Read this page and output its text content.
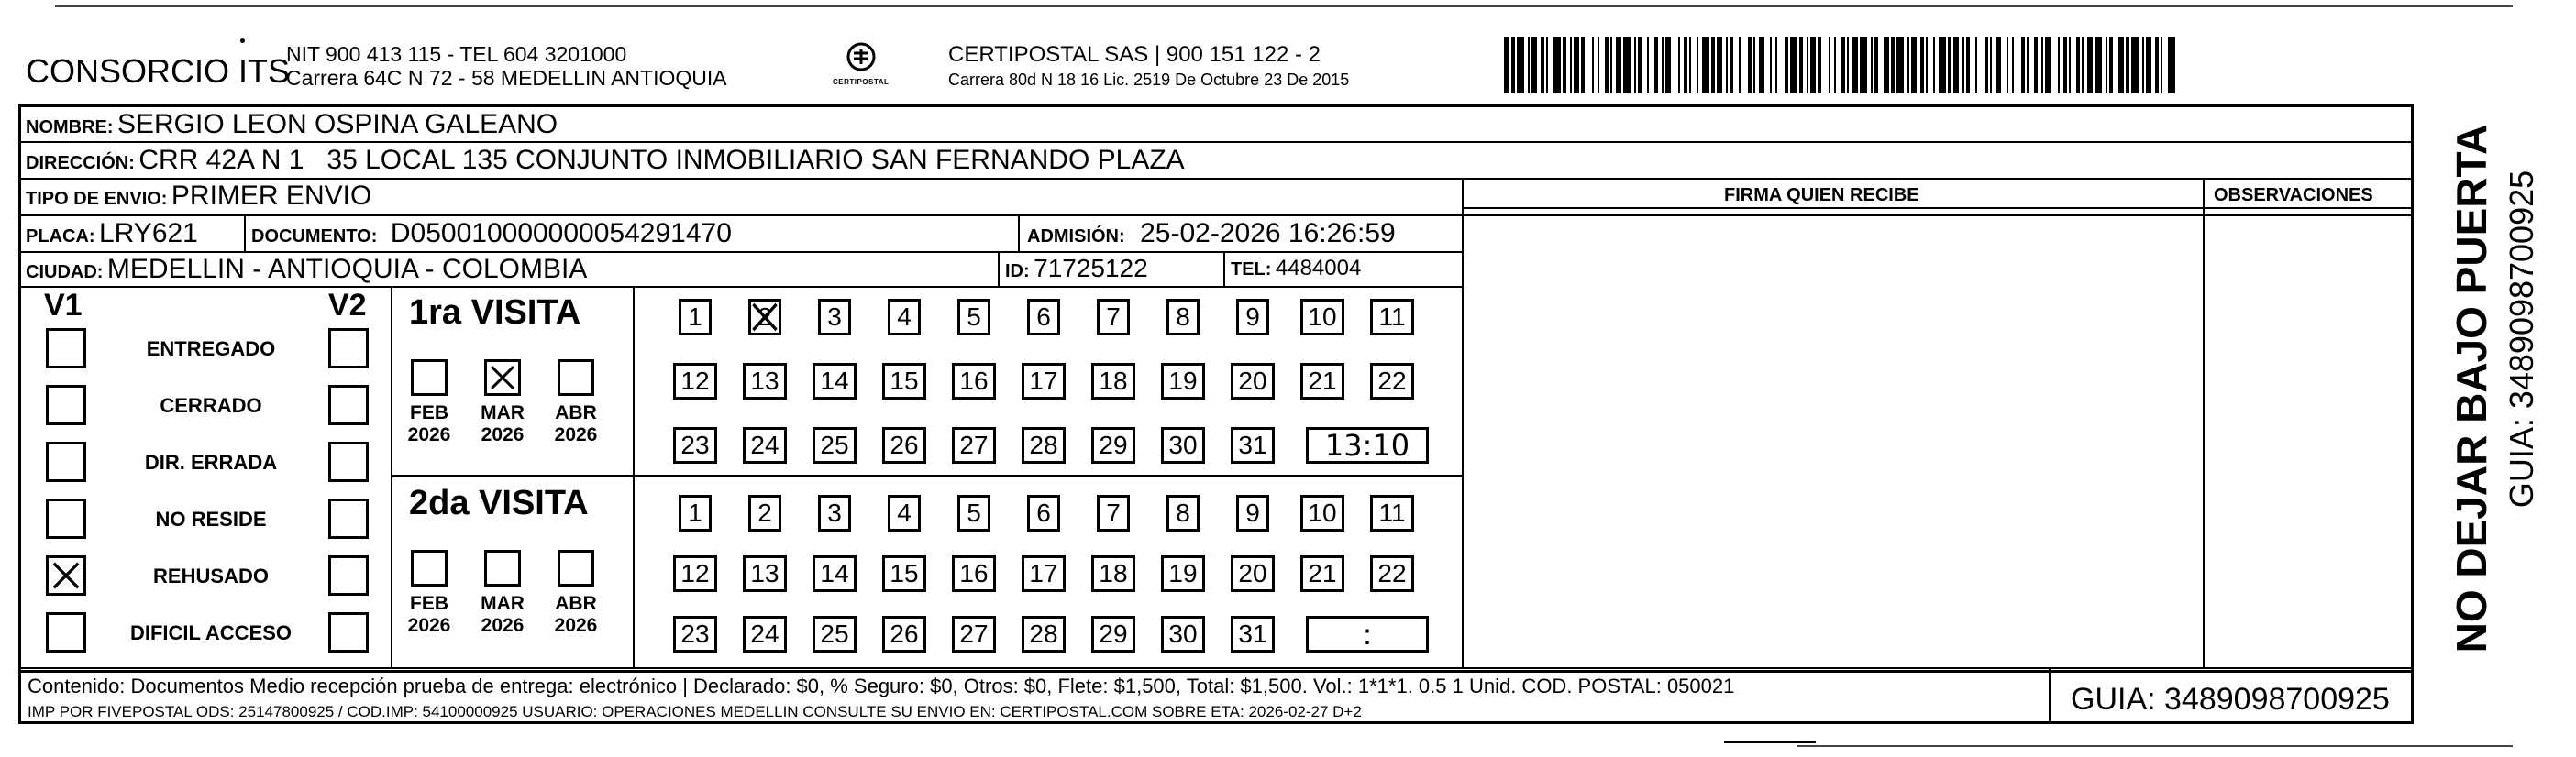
CONSORCIO ITS
NIT 900 413 115 - TEL 604 3201000
Carrera 64C N 72 - 58 MEDELLIN ANTIOQUIA	CERTIPOSTAL
CERTIPOSTAL SAS | 900 151 122 - 2
Carrera 80d N 18 16 Lic. 2519 De Octubre 23 De 2015
NOMBRE: SERGIO LEON OSPINA GALEANO
DIRECCIÓN: CRR 42A N 1   35 LOCAL 135 CONJUNTO INMOBILIARIO SAN FERNANDO PLAZA
TIPO DE ENVIO: PRIMER ENVIO	FIRMA QUIEN RECIBE	OBSERVACIONES
PLACA: LRY621	DOCUMENTO: D050010000000054291470	ADMISIÓN: 25-02-2026 16:26:59
CIUDAD: MEDELLIN - ANTIOQUIA - COLOMBIA	ID: 71725122	TEL: 4484004
V1	V2
ENTREGADO
CERRADO
DIR. ERRADA
NO RESIDE
REHUSADO
DIFICIL ACCESO
1ra VISITA
2da VISITA
FEB
2026
MAR
2026
ABR
2026
FEB
2026
MAR
2026
ABR
2026
1	2	3	4	5	6	7	8	9	10	11
12	13	14	15	16	17	18	19	20	21	22
23	24	25	26	27	28	29	30	31	13:10
1	2	3	4	5	6	7	8	9	10	11
12	13	14	15	16	17	18	19	20	21	22
23	24	25	26	27	28	29	30	31	:	NO DEJAR BAJO PUERTA GUIA: 3489098700925
Contenido: Documentos Medio recepción prueba de entrega: electrónico | Declarado: $0, % Seguro: $0, Otros: $0, Flete: $1,500, Total: $1,500. Vol.: 1*1*1. 0.5 1 Unid. COD. POSTAL: 050021
IMP POR FIVEPOSTAL ODS: 25147800925 / COD.IMP: 54100000925 USUARIO: OPERACIONES MEDELLIN CONSULTE SU ENVIO EN: CERTIPOSTAL.COM SOBRE ETA: 2026-02-27 D+2	GUIA: 3489098700925
